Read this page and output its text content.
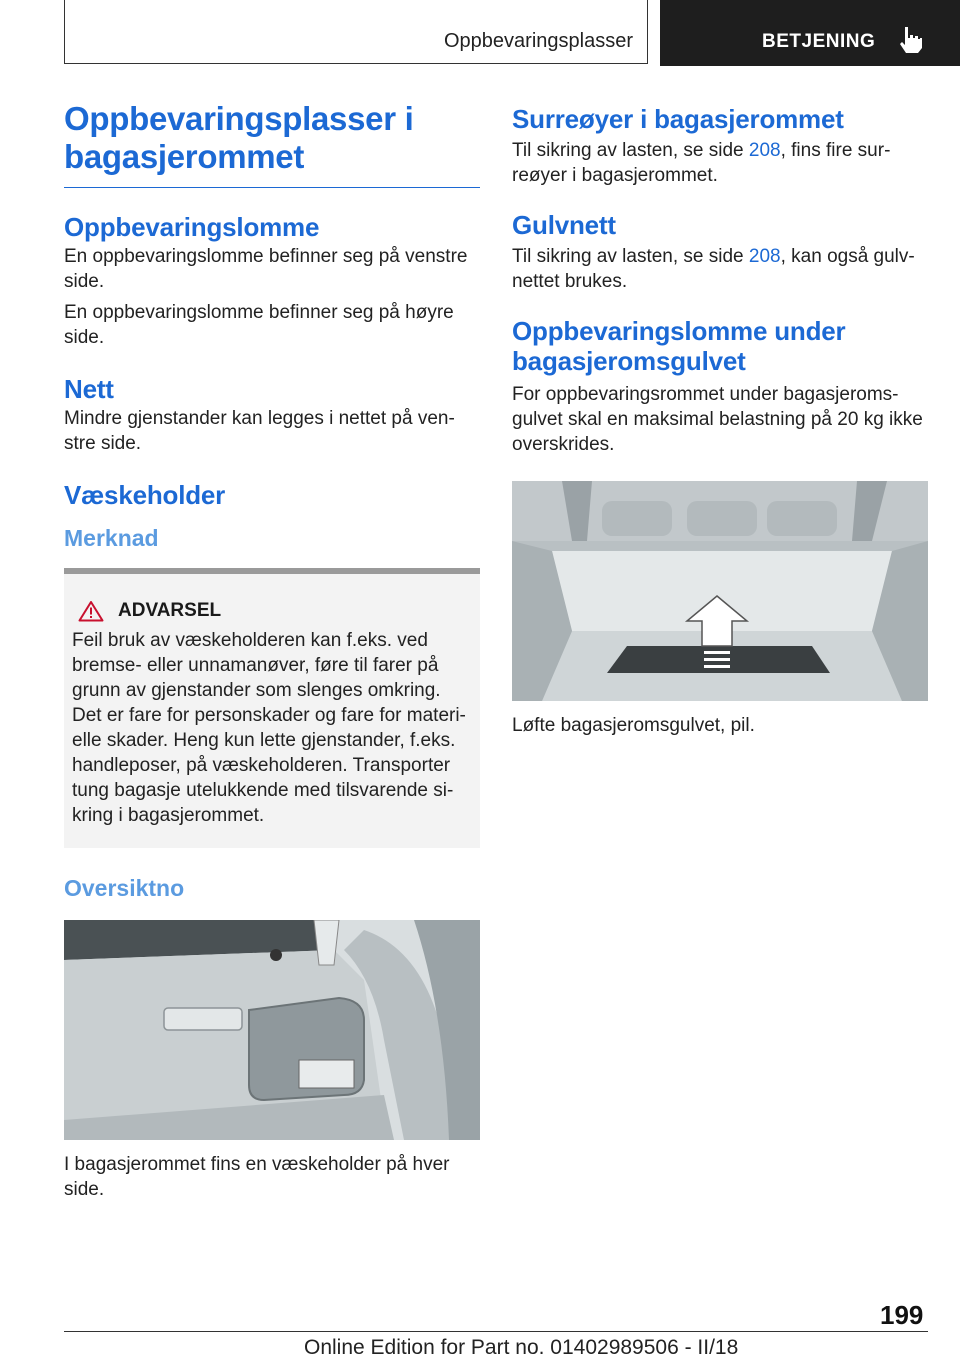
Oppbevaringsplasser	BETJENING
Oppbevaringsplasser i bagasjerommet
Oppbevaringslomme

En oppbevaringslomme befinner seg på venstre side.

En oppbevaringslomme befinner seg på høyre side.

Nett

Mindre gjenstander kan legges i nettet på ven- stre side.

Væskeholder
Merknad
ADVARSEL

Feil bruk av væskeholderen kan f.eks. ved bremse- eller unnamanøver, føre til farer på grunn av gjenstander som slenges omkring. Det er fare for personskader og fare for materi- elle skader. Heng kun lette gjenstander, f.eks. handleposer, på væskeholderen. Transporter tung bagasje utelukkende med tilsvarende si- kring i bagasjerommet.

Oversiktno

I bagasjerommet fins en væskeholder på hver side.

Surreøyer i bagasjerommet

Til sikring av lasten, se side 208, fins fire sur- reøyer i bagasjerommet.

Gulvnett

Til sikring av lasten, se side 208, kan også gulv- nettet brukes.

Oppbevaringslomme under bagasjeromsgulvet

For oppbevaringsrommet under bagasjeroms- gulvet skal en maksimal belastning på 20 kg ikke overskrides.

Løfte bagasjeromsgulvet, pil.

199
Online Edition for Part no. 01402989506 - II/18
